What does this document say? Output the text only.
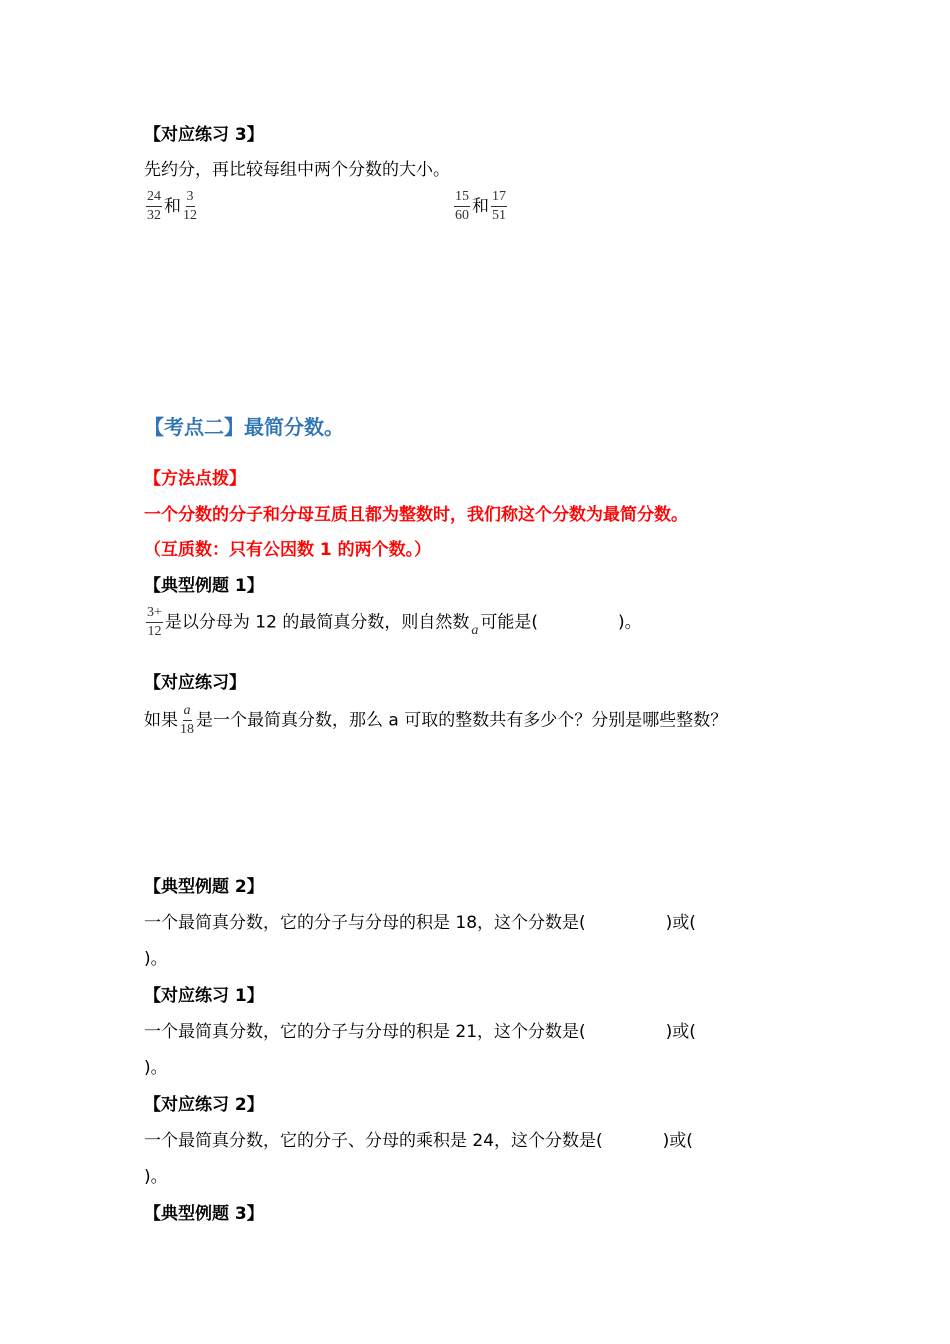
【对应练习 3】
先约分，再比较每组中两个分数的大小。
$\frac{24}{32}$ 和 $\frac{3}{12}$	$\frac{15}{60}$ 和 $\frac{17}{51}$
【考点二】最简分数。
【方法点拨】
一个分数的分子和分母互质且都为整数时，我们称这个分数为最简分数。
（互质数：只有公因数 1 的两个数。）
【典型例题 1】
$\frac{3+}{12}$ 是以分母为 12 的最简真分数，则自然数 $_a$ 可能是(	)。
【对应练习】
如果 $\frac{a}{18}$ 是一个最简真分数，那么 a 可取的整数共有多少个？分别是哪些整数？
【典型例题 2】
一个最简真分数，它的分子与分母的积是 18，这个分数是(	)或(
)。
【对应练习 1】
一个最简真分数，它的分子与分母的积是 21，这个分数是(	)或(
)。
【对应练习 2】
一个最简真分数，它的分子、分母的乘积是 24，这个分数是(	)或(
)。
【典型例题 3】
